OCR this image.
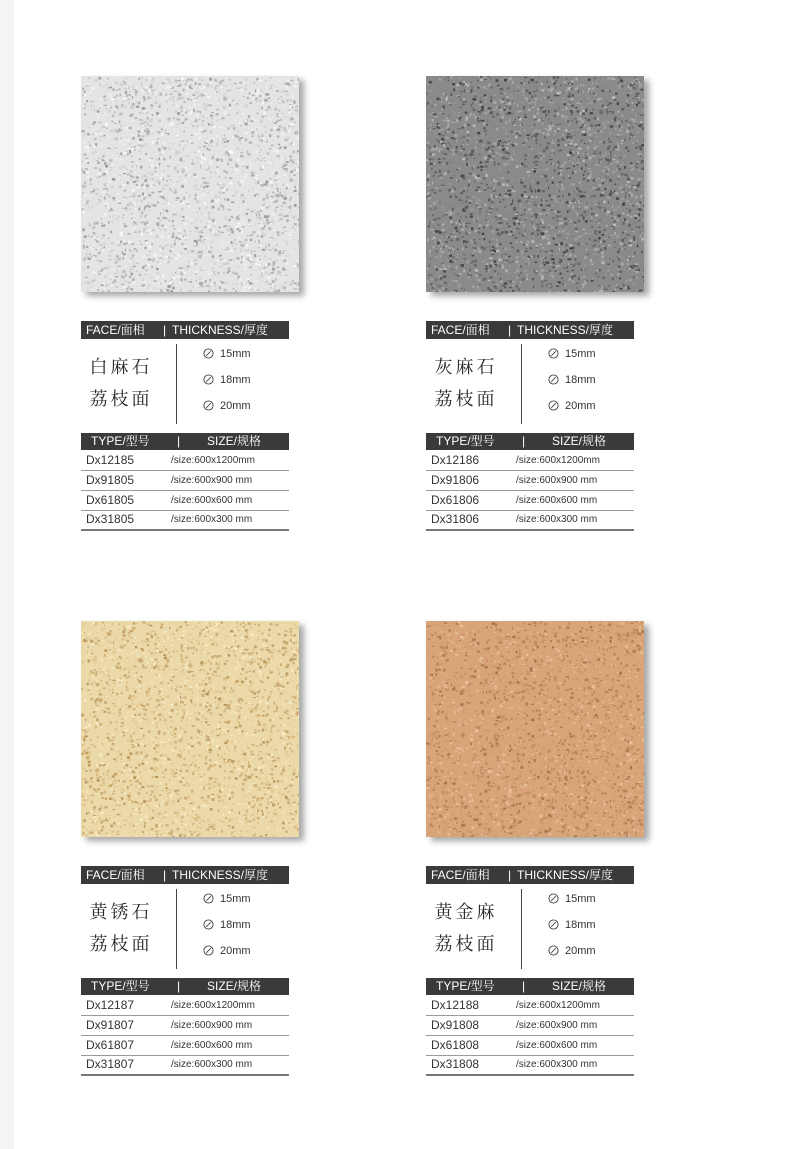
FACE/面相 | THICKNESS/厚度
白麻石
荔枝面
15mm
18mm
20mm
TYPE/型号 | SIZE/规格
Dx12185	/size:600x1200mm
Dx91805	/size:600x900 mm
Dx61805	/size:600x600 mm
Dx31805	/size:600x300 mm
FACE/面相 | THICKNESS/厚度
灰麻石
荔枝面
15mm
18mm
20mm
TYPE/型号 | SIZE/规格
Dx12186	/size:600x1200mm
Dx91806	/size:600x900 mm
Dx61806	/size:600x600 mm
Dx31806	/size:600x300 mm
FACE/面相 | THICKNESS/厚度
黄锈石
荔枝面
15mm
18mm
20mm
TYPE/型号 | SIZE/规格
Dx12187	/size:600x1200mm
Dx91807	/size:600x900 mm
Dx61807	/size:600x600 mm
Dx31807	/size:600x300 mm
FACE/面相 | THICKNESS/厚度
黄金麻
荔枝面
15mm
18mm
20mm
TYPE/型号 | SIZE/规格
Dx12188	/size:600x1200mm
Dx91808	/size:600x900 mm
Dx61808	/size:600x600 mm
Dx31808	/size:600x300 mm
